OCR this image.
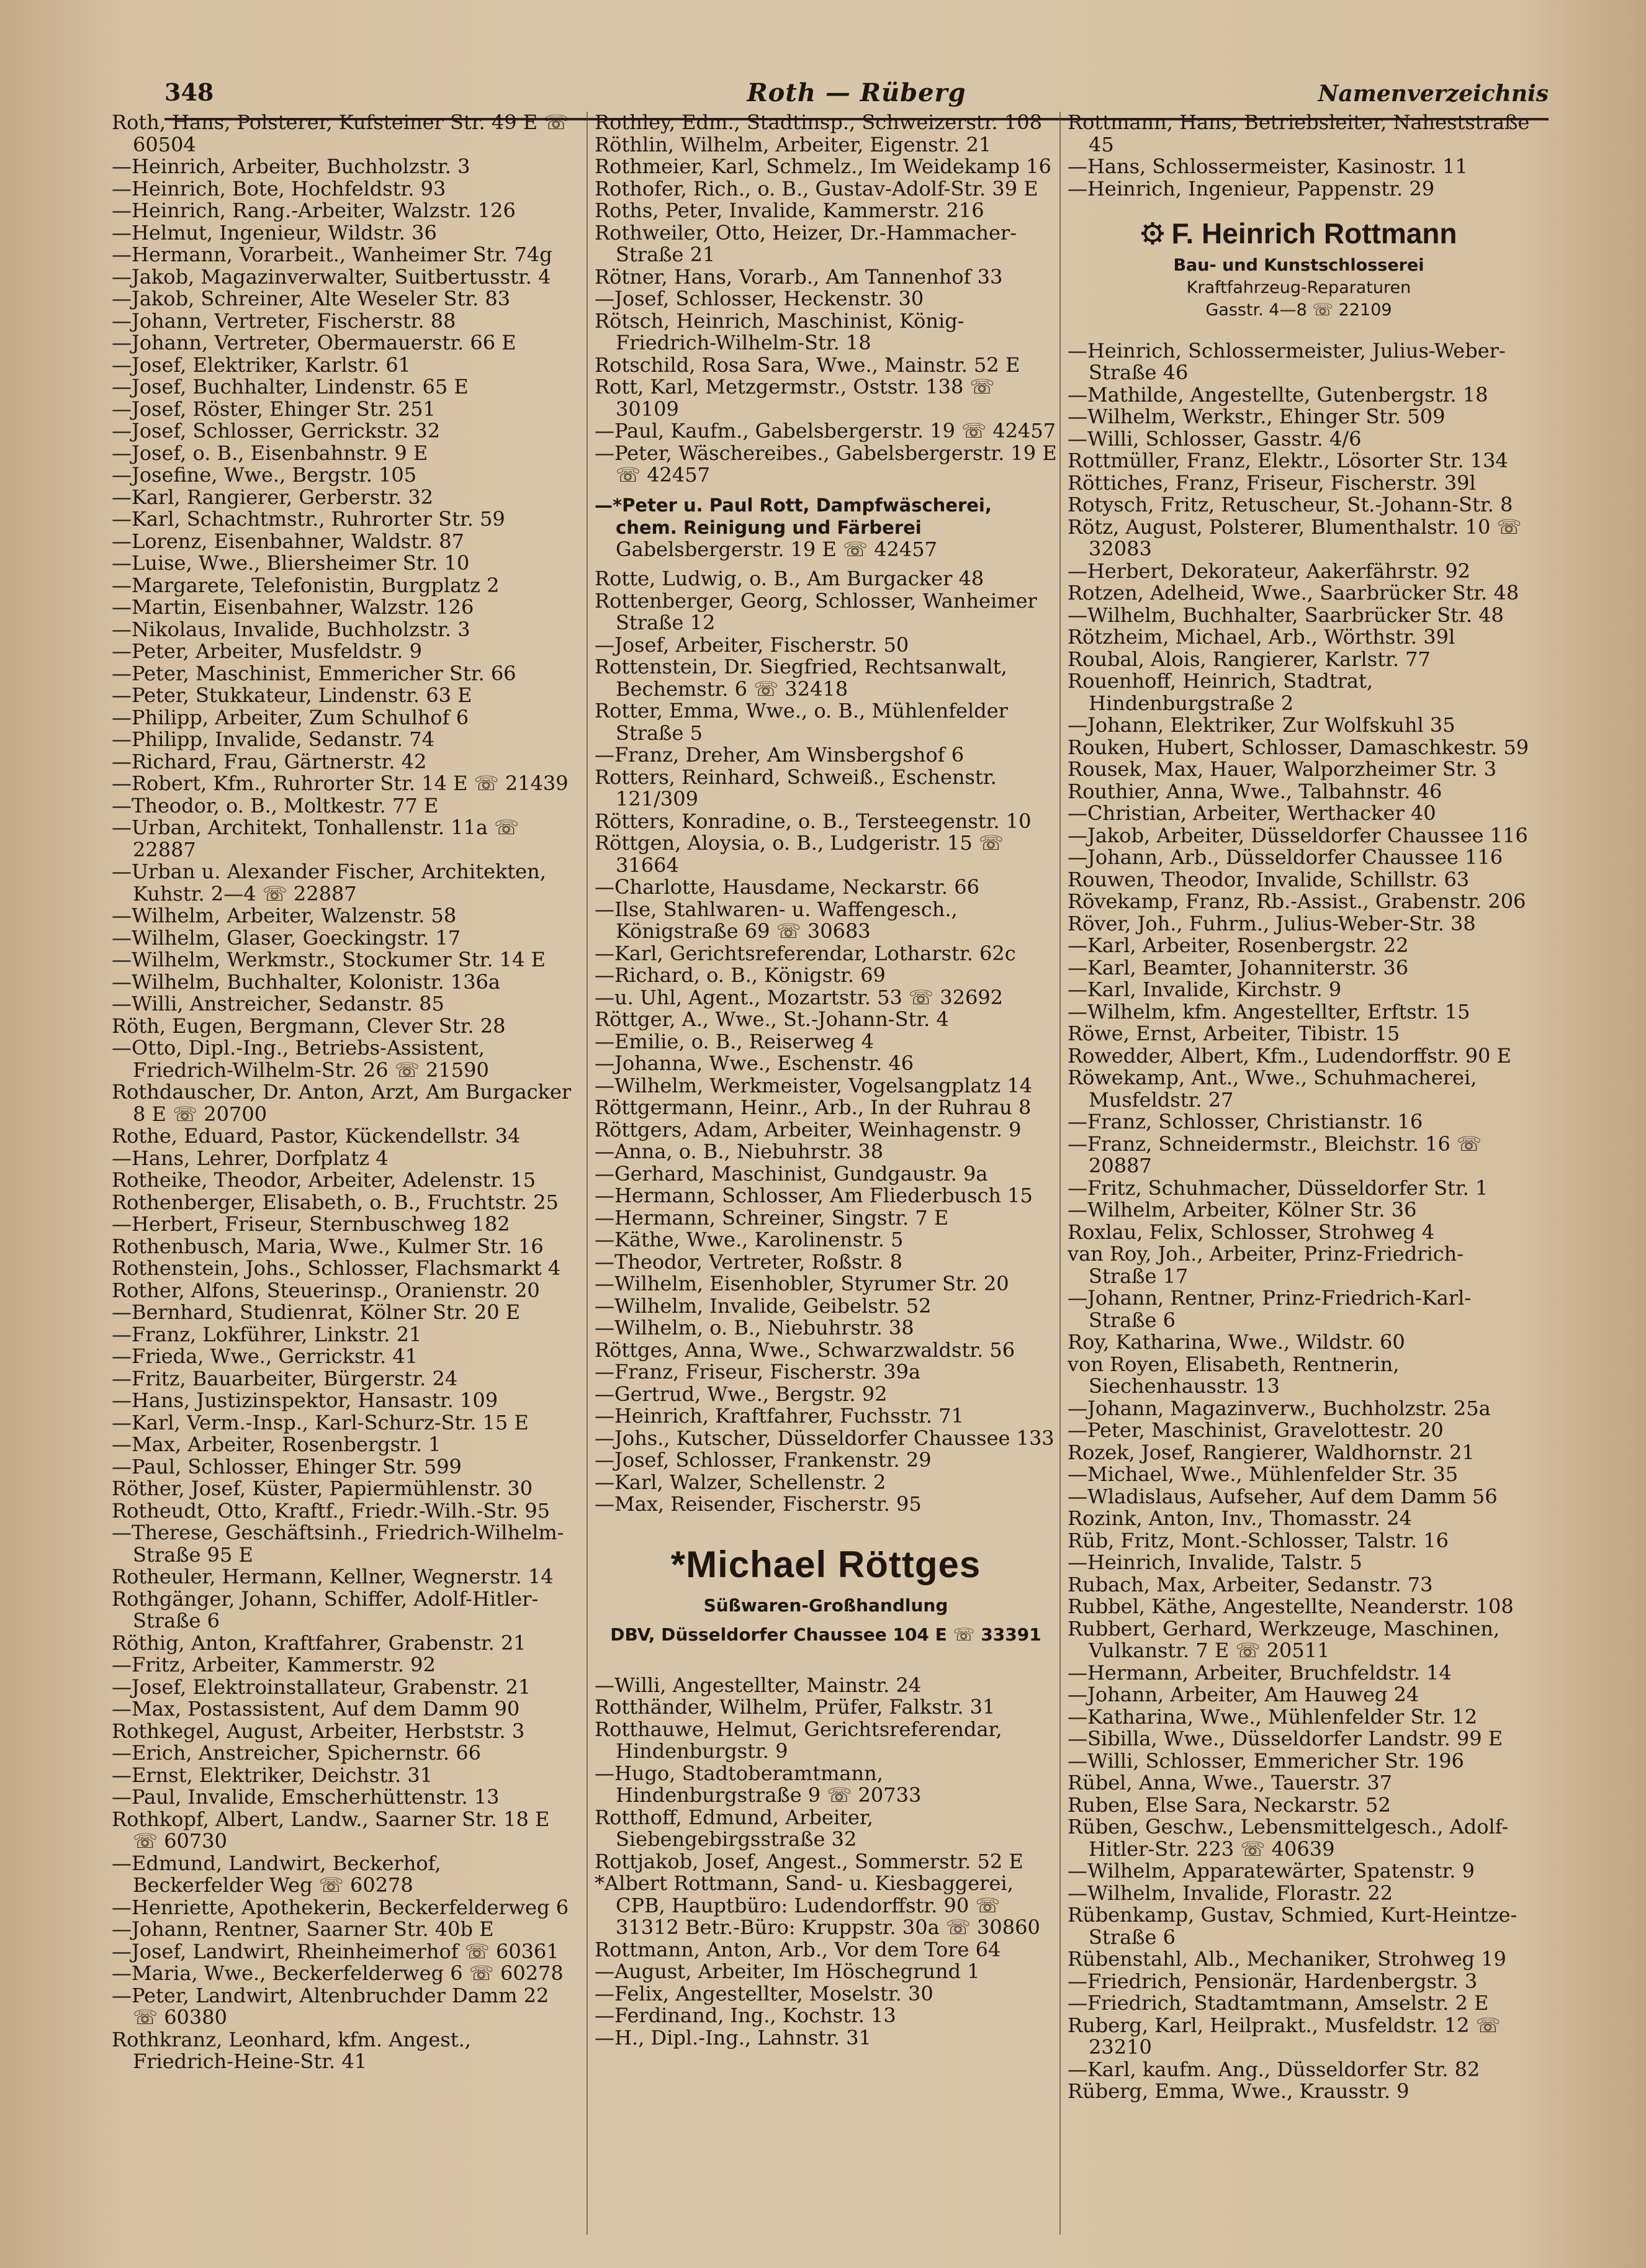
348	Roth — Rüberg	Namenverzeichnis

Roth, Hans, Polsterer, Kufsteiner Str. 49 E ☏ 60504

—Heinrich, Arbeiter, Buchholzstr. 3

—Heinrich, Bote, Hochfeldstr. 93

—Heinrich, Rang.-Arbeiter, Walzstr. 126

—Helmut, Ingenieur, Wildstr. 36

—Hermann, Vorarbeit., Wanheimer Str. 74g

—Jakob, Magazinverwalter, Suitbertusstr. 4

—Jakob, Schreiner, Alte Weseler Str. 83

—Johann, Vertreter, Fischerstr. 88

—Johann, Vertreter, Obermauerstr. 66 E

—Josef, Elektriker, Karlstr. 61

—Josef, Buchhalter, Lindenstr. 65 E

—Josef, Röster, Ehinger Str. 251

—Josef, Schlosser, Gerrickstr. 32

—Josef, o. B., Eisenbahnstr. 9 E

—Josefine, Wwe., Bergstr. 105

—Karl, Rangierer, Gerberstr. 32

—Karl, Schachtmstr., Ruhrorter Str. 59

—Lorenz, Eisenbahner, Waldstr. 87

—Luise, Wwe., Bliersheimer Str. 10

—Margarete, Telefonistin, Burgplatz 2

—Martin, Eisenbahner, Walzstr. 126

—Nikolaus, Invalide, Buchholzstr. 3

—Peter, Arbeiter, Musfeldstr. 9

—Peter, Maschinist, Emmericher Str. 66

—Peter, Stukkateur, Lindenstr. 63 E

—Philipp, Arbeiter, Zum Schulhof 6

—Philipp, Invalide, Sedanstr. 74

—Richard, Frau, Gärtnerstr. 42

—Robert, Kfm., Ruhrorter Str. 14 E ☏ 21439

—Theodor, o. B., Moltkestr. 77 E

—Urban, Architekt, Tonhallenstr. 11a ☏ 22887

—Urban u. Alexander Fischer, Architekten, Kuhstr. 2—4 ☏ 22887

—Wilhelm, Arbeiter, Walzenstr. 58

—Wilhelm, Glaser, Goeckingstr. 17

—Wilhelm, Werkmstr., Stockumer Str. 14 E

—Wilhelm, Buchhalter, Kolonistr. 136a

—Willi, Anstreicher, Sedanstr. 85

Röth, Eugen, Bergmann, Clever Str. 28

—Otto, Dipl.-Ing., Betriebs-Assistent, Friedrich-Wilhelm-Str. 26 ☏ 21590

Rothdauscher, Dr. Anton, Arzt, Am Burgacker 8 E ☏ 20700

Rothe, Eduard, Pastor, Kückendellstr. 34

—Hans, Lehrer, Dorfplatz 4

Rotheike, Theodor, Arbeiter, Adelenstr. 15

Rothenberger, Elisabeth, o. B., Fruchtstr. 25

—Herbert, Friseur, Sternbuschweg 182

Rothenbusch, Maria, Wwe., Kulmer Str. 16

Rothenstein, Johs., Schlosser, Flachsmarkt 4

Rother, Alfons, Steuerinsp., Oranienstr. 20

—Bernhard, Studienrat, Kölner Str. 20 E

—Franz, Lokführer, Linkstr. 21

—Frieda, Wwe., Gerrickstr. 41

—Fritz, Bauarbeiter, Bürgerstr. 24

—Hans, Justizinspektor, Hansastr. 109

—Karl, Verm.-Insp., Karl-Schurz-Str. 15 E

—Max, Arbeiter, Rosenbergstr. 1

—Paul, Schlosser, Ehinger Str. 599

Röther, Josef, Küster, Papiermühlenstr. 30

Rotheudt, Otto, Kraftf., Friedr.-Wilh.-Str. 95

—Therese, Geschäftsinh., Friedrich-Wilhelm-Straße 95 E

Rotheuler, Hermann, Kellner, Wegnerstr. 14

Rothgänger, Johann, Schiffer, Adolf-Hitler-Straße 6

Röthig, Anton, Kraftfahrer, Grabenstr. 21

—Fritz, Arbeiter, Kammerstr. 92

—Josef, Elektroinstallateur, Grabenstr. 21

—Max, Postassistent, Auf dem Damm 90

Rothkegel, August, Arbeiter, Herbststr. 3

—Erich, Anstreicher, Spichernstr. 66

—Ernst, Elektriker, Deichstr. 31

—Paul, Invalide, Emscherhüttenstr. 13

Rothkopf, Albert, Landw., Saarner Str. 18 E ☏ 60730

—Edmund, Landwirt, Beckerhof, Beckerfelder Weg ☏ 60278

—Henriette, Apothekerin, Beckerfelderweg 6

—Johann, Rentner, Saarner Str. 40b E

—Josef, Landwirt, Rheinheimerhof ☏ 60361

—Maria, Wwe., Beckerfelderweg 6 ☏ 60278

—Peter, Landwirt, Altenbruchder Damm 22 ☏ 60380

Rothkranz, Leonhard, kfm. Angest., Friedrich-Heine-Str. 41

Rothley, Edm., Stadtinsp., Schweizerstr. 108

Röthlin, Wilhelm, Arbeiter, Eigenstr. 21

Rothmeier, Karl, Schmelz., Im Weidekamp 16

Rothofer, Rich., o. B., Gustav-Adolf-Str. 39 E

Roths, Peter, Invalide, Kammerstr. 216

Rothweiler, Otto, Heizer, Dr.-Hammacher-Straße 21

Rötner, Hans, Vorarb., Am Tannenhof 33

—Josef, Schlosser, Heckenstr. 30

Rötsch, Heinrich, Maschinist, König-Friedrich-Wilhelm-Str. 18

Rotschild, Rosa Sara, Wwe., Mainstr. 52 E

Rott, Karl, Metzgermstr., Oststr. 138 ☏ 30109

—Paul, Kaufm., Gabelsbergerstr. 19 ☏ 42457

—Peter, Wäschereibes., Gabelsbergerstr. 19 E ☏ 42457

—*Peter u. Paul Rott, Dampfwäscherei,
chem. Reinigung und Färberei
Gabelsbergerstr. 19 E ☏ 42457

Rotte, Ludwig, o. B., Am Burgacker 48

Rottenberger, Georg, Schlosser, Wanheimer Straße 12

—Josef, Arbeiter, Fischerstr. 50

Rottenstein, Dr. Siegfried, Rechtsanwalt, Bechemstr. 6 ☏ 32418

Rotter, Emma, Wwe., o. B., Mühlenfelder Straße 5

—Franz, Dreher, Am Winsbergshof 6

Rotters, Reinhard, Schweiß., Eschenstr. 121/309

Rötters, Konradine, o. B., Tersteegenstr. 10

Röttgen, Aloysia, o. B., Ludgeristr. 15 ☏ 31664

—Charlotte, Hausdame, Neckarstr. 66

—Ilse, Stahlwaren- u. Waffengesch., Königstraße 69 ☏ 30683

—Karl, Gerichtsreferendar, Lotharstr. 62c

—Richard, o. B., Königstr. 69

—u. Uhl, Agent., Mozartstr. 53 ☏ 32692

Röttger, A., Wwe., St.-Johann-Str. 4

—Emilie, o. B., Reiserweg 4

—Johanna, Wwe., Eschenstr. 46

—Wilhelm, Werkmeister, Vogelsangplatz 14

Röttgermann, Heinr., Arb., In der Ruhrau 8

Röttgers, Adam, Arbeiter, Weinhagenstr. 9

—Anna, o. B., Niebuhrstr. 38

—Gerhard, Maschinist, Gundgaustr. 9a

—Hermann, Schlosser, Am Fliederbusch 15

—Hermann, Schreiner, Singstr. 7 E

—Käthe, Wwe., Karolinenstr. 5

—Theodor, Vertreter, Roßstr. 8

—Wilhelm, Eisenhobler, Styrumer Str. 20

—Wilhelm, Invalide, Geibelstr. 52

—Wilhelm, o. B., Niebuhrstr. 38

Röttges, Anna, Wwe., Schwarzwaldstr. 56

—Franz, Friseur, Fischerstr. 39a

—Gertrud, Wwe., Bergstr. 92

—Heinrich, Kraftfahrer, Fuchsstr. 71

—Johs., Kutscher, Düsseldorfer Chaussee 133

—Josef, Schlosser, Frankenstr. 29

—Karl, Walzer, Schellenstr. 2

—Max, Reisender, Fischerstr. 95

*Michael Röttges
Süßwaren-Großhandlung
DBV, Düsseldorfer Chaussee 104 E ☏ 33391

—Willi, Angestellter, Mainstr. 24

Rotthänder, Wilhelm, Prüfer, Falkstr. 31

Rotthauwe, Helmut, Gerichtsreferendar, Hindenburgstr. 9

—Hugo, Stadtoberamtmann, Hindenburgstraße 9 ☏ 20733

Rotthoff, Edmund, Arbeiter, Siebengebirgsstraße 32

Rottjakob, Josef, Angest., Sommerstr. 52 E

*Albert Rottmann, Sand- u. Kiesbaggerei, CPB, Hauptbüro: Ludendorffstr. 90 ☏ 31312 Betr.-Büro: Kruppstr. 30a ☏ 30860

Rottmann, Anton, Arb., Vor dem Tore 64

—August, Arbeiter, Im Höschegrund 1

—Felix, Angestellter, Moselstr. 30

—Ferdinand, Ing., Kochstr. 13

—H., Dipl.-Ing., Lahnstr. 31

Rottmann, Hans, Betriebsleiter, Naheststraße 45

—Hans, Schlossermeister, Kasinostr. 11

—Heinrich, Ingenieur, Pappenstr. 29

F. Heinrich Rottmann
Bau- und Kunstschlosserei
Kraftfahrzeug-Reparaturen
Gasstr. 4—8 ☏ 22109

—Heinrich, Schlossermeister, Julius-Weber-Straße 46

—Mathilde, Angestellte, Gutenbergstr. 18

—Wilhelm, Werkstr., Ehinger Str. 509

—Willi, Schlosser, Gasstr. 4/6

Rottmüller, Franz, Elektr., Lösorter Str. 134

Röttiches, Franz, Friseur, Fischerstr. 39l

Rotysch, Fritz, Retuscheur, St.-Johann-Str. 8

Rötz, August, Polsterer, Blumenthalstr. 10 ☏ 32083

—Herbert, Dekorateur, Aakerfährstr. 92

Rotzen, Adelheid, Wwe., Saarbrücker Str. 48

—Wilhelm, Buchhalter, Saarbrücker Str. 48

Rötzheim, Michael, Arb., Wörthstr. 39l

Roubal, Alois, Rangierer, Karlstr. 77

Rouenhoff, Heinrich, Stadtrat, Hindenburgstraße 2

—Johann, Elektriker, Zur Wolfskuhl 35

Rouken, Hubert, Schlosser, Damaschkestr. 59

Rousek, Max, Hauer, Walporzheimer Str. 3

Routhier, Anna, Wwe., Talbahnstr. 46

—Christian, Arbeiter, Werthacker 40

—Jakob, Arbeiter, Düsseldorfer Chaussee 116

—Johann, Arb., Düsseldorfer Chaussee 116

Rouwen, Theodor, Invalide, Schillstr. 63

Rövekamp, Franz, Rb.-Assist., Grabenstr. 206

Röver, Joh., Fuhrm., Julius-Weber-Str. 38

—Karl, Arbeiter, Rosenbergstr. 22

—Karl, Beamter, Johanniterstr. 36

—Karl, Invalide, Kirchstr. 9

—Wilhelm, kfm. Angestellter, Erftstr. 15

Röwe, Ernst, Arbeiter, Tibistr. 15

Rowedder, Albert, Kfm., Ludendorffstr. 90 E

Röwekamp, Ant., Wwe., Schuhmacherei, Musfeldstr. 27

—Franz, Schlosser, Christianstr. 16

—Franz, Schneidermstr., Bleichstr. 16 ☏ 20887

—Fritz, Schuhmacher, Düsseldorfer Str. 1

—Wilhelm, Arbeiter, Kölner Str. 36

Roxlau, Felix, Schlosser, Strohweg 4

van Roy, Joh., Arbeiter, Prinz-Friedrich-Straße 17

—Johann, Rentner, Prinz-Friedrich-Karl-Straße 6

Roy, Katharina, Wwe., Wildstr. 60

von Royen, Elisabeth, Rentnerin, Siechenhausstr. 13

—Johann, Magazinverw., Buchholzstr. 25a

—Peter, Maschinist, Gravelottestr. 20

Rozek, Josef, Rangierer, Waldhornstr. 21

—Michael, Wwe., Mühlenfelder Str. 35

—Wladislaus, Aufseher, Auf dem Damm 56

Rozink, Anton, Inv., Thomasstr. 24

Rüb, Fritz, Mont.-Schlosser, Talstr. 16

—Heinrich, Invalide, Talstr. 5

Rubach, Max, Arbeiter, Sedanstr. 73

Rubbel, Käthe, Angestellte, Neanderstr. 108

Rubbert, Gerhard, Werkzeuge, Maschinen, Vulkanstr. 7 E ☏ 20511

—Hermann, Arbeiter, Bruchfeldstr. 14

—Johann, Arbeiter, Am Hauweg 24

—Katharina, Wwe., Mühlenfelder Str. 12

—Sibilla, Wwe., Düsseldorfer Landstr. 99 E

—Willi, Schlosser, Emmericher Str. 196

Rübel, Anna, Wwe., Tauerstr. 37

Ruben, Else Sara, Neckarstr. 52

Rüben, Geschw., Lebensmittelgesch., Adolf-Hitler-Str. 223 ☏ 40639

—Wilhelm, Apparatewärter, Spatenstr. 9

—Wilhelm, Invalide, Florastr. 22

Rübenkamp, Gustav, Schmied, Kurt-Heintze-Straße 6

Rübenstahl, Alb., Mechaniker, Strohweg 19

—Friedrich, Pensionär, Hardenbergstr. 3

—Friedrich, Stadtamtmann, Amselstr. 2 E

Ruberg, Karl, Heilprakt., Musfeldstr. 12 ☏ 23210

—Karl, kaufm. Ang., Düsseldorfer Str. 82

Rüberg, Emma, Wwe., Krausstr. 9
